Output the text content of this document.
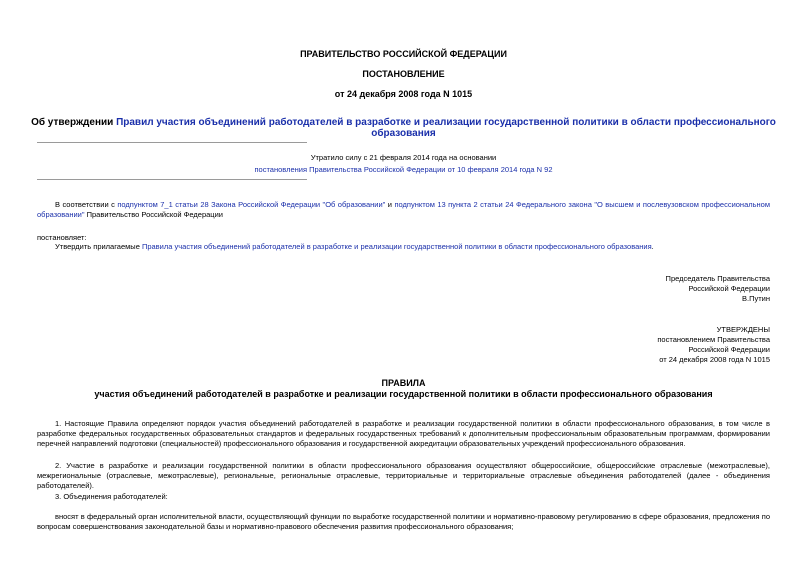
ПРАВИТЕЛЬСТВО РОССИЙСКОЙ ФЕДЕРАЦИИ
ПОСТАНОВЛЕНИЕ
от 24 декабря 2008 года N 1015
Об утверждении Правил участия объединений работодателей в разработке и реализации государственной политики в области профессионального образования
Утратило силу с 21 февраля 2014 года на основании
постановления Правительства Российской Федерации от 10 февраля 2014 года N 92
В соответствии с подпунктом 7_1 статьи 28 Закона Российской Федерации "Об образовании" и подпунктом 13 пункта 2 статьи 24 Федерального закона "О высшем и послевузовском профессиональном образовании" Правительство Российской Федерации
постановляет:
Утвердить прилагаемые Правила участия объединений работодателей в разработке и реализации государственной политики в области профессионального образования.
Председатель Правительства
Российской Федерации
В.Путин
УТВЕРЖДЕНЫ
постановлением Правительства
Российской Федерации
от 24 декабря 2008 года N 1015
ПРАВИЛА
участия объединений работодателей в разработке и реализации государственной политики в области профессионального образования
1. Настоящие Правила определяют порядок участия объединений работодателей в разработке и реализации государственной политики в области профессионального образования, в том числе в разработке федеральных государственных образовательных стандартов и федеральных государственных требований к дополнительным профессиональным образовательным программам, формировании перечней направлений подготовки (специальностей) профессионального образования и государственной аккредитации образовательных учреждений профессионального образования.
2. Участие в разработке и реализации государственной политики в области профессионального образования осуществляют общероссийские, общероссийские отраслевые (межотраслевые), межрегиональные (отраслевые, межотраслевые), региональные, региональные отраслевые, территориальные и территориальные отраслевые объединения работодателей (далее - объединения работодателей).
3. Объединения работодателей:
вносят в федеральный орган исполнительной власти, осуществляющий функции по выработке государственной политики и нормативно-правовому регулированию в сфере образования, предложения по вопросам совершенствования законодательной базы и нормативно-правового обеспечения развития профессионального образования;
